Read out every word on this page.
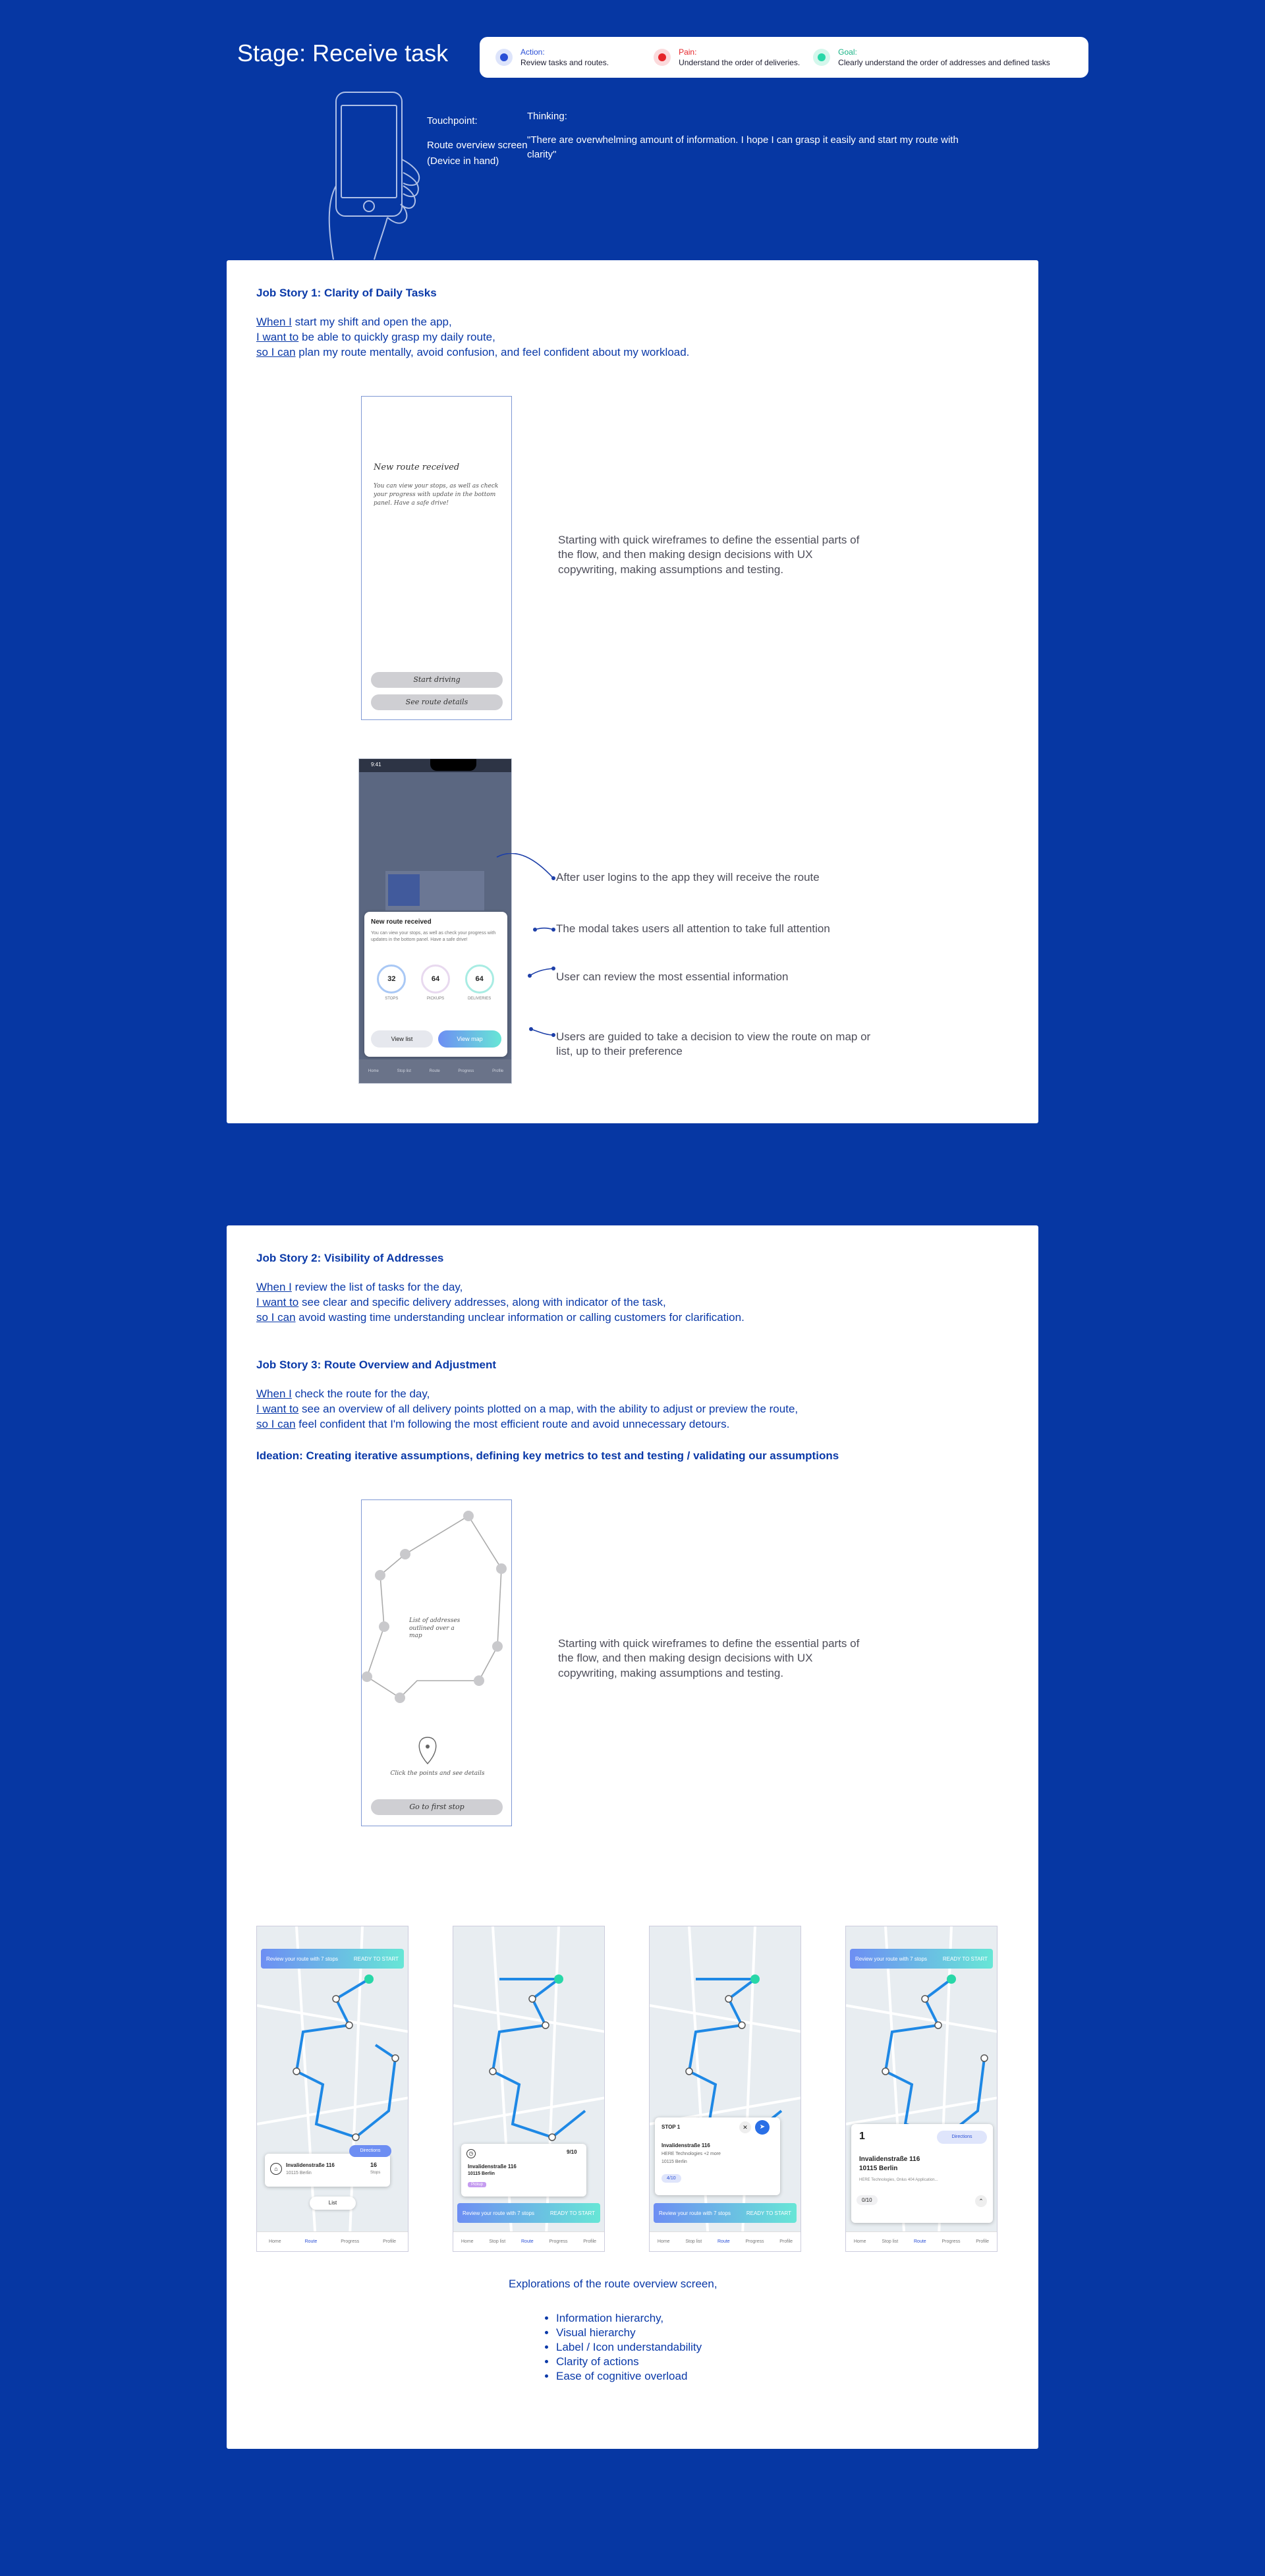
Stage: Receive task	Action:
Review tasks and routes.
Pain:
Understand the order of deliveries.
Goal:
Clearly understand the order of addresses and defined tasks
Touchpoint:
Route overview screen
(Device in hand)
Thinking:
"There are overwhelming amount of information. I hope I can grasp it easily and start my route with clarity"
Job Story 1: Clarity of Daily Tasks
When I start my shift and open the app,
I want to be able to quickly grasp my daily route,
so I can plan my route mentally, avoid confusion, and feel confident about my workload.
New route received
You can view your stops, as well as check your progress with update in the bottom panel. Have a safe drive!
Start driving
See route details
Starting with quick wireframes to define the essential parts of the flow, and then making design decisions with UX copywriting, making assumptions and testing.
9:41
New route received
You can view your stops, as well as check your progress with updates in the bottom panel. Have a safe drive!
32
STOPS
64
PICKUPS
64
DELIVERIES
View list	View map
Home	Stop list	Route	Progress	Profile
After user logins to the app they will receive the route
The modal takes users all attention to take full attention
User can review the most essential information
Users are guided to take a decision to view the route on map or list, up to their preference
Job Story 2: Visibility of Addresses
When I review the list of tasks for the day,
I want to see clear and specific delivery addresses, along with indicator of the task,
so I can avoid wasting time understanding unclear information or calling customers for clarification.
Job Story 3: Route Overview and Adjustment
When I check the route for the day,
I want to see an overview of all delivery points plotted on a map, with the ability to adjust or preview the route,
so I can feel confident that I'm following the most efficient route and avoid unnecessary detours.
Ideation: Creating iterative assumptions, defining key metrics to test and testing / validating our assumptions
List of addresses outlined over a map
Click the points and see details
Go to first stop
Starting with quick wireframes to define the essential parts of the flow, and then making design decisions with UX copywriting, making assumptions and testing.
Review your route with 7 stops	READY TO START
⌂
Invalidenstraße 116
10115 Berlin
16
Stops
Directions
List
Home	Route	Progress	Profile
◷	9/10
Invalidenstraße 116
10115 Berlin
Pickup
Review your route with 7 stops	READY TO START
Home	Stop list	Route	Progress	Profile
STOP 1	✕	➤
Invalidenstraße 116
HERE Technologies +2 more
10115 Berlin
4/10
Review your route with 7 stops	READY TO START
Home	Stop list	Route	Progress	Profile
Review your route with 7 stops	READY TO START
1	Directions
Invalidenstraße 116
10115 Berlin
HERE Technologies, Onlus 404 Application...
0/10	⌃
Home	Stop list	Route	Progress	Profile
Explorations of the route overview screen,
• Information hierarchy,
• Visual hierarchy
• Label / Icon understandability
• Clarity of actions
• Ease of cognitive overload
